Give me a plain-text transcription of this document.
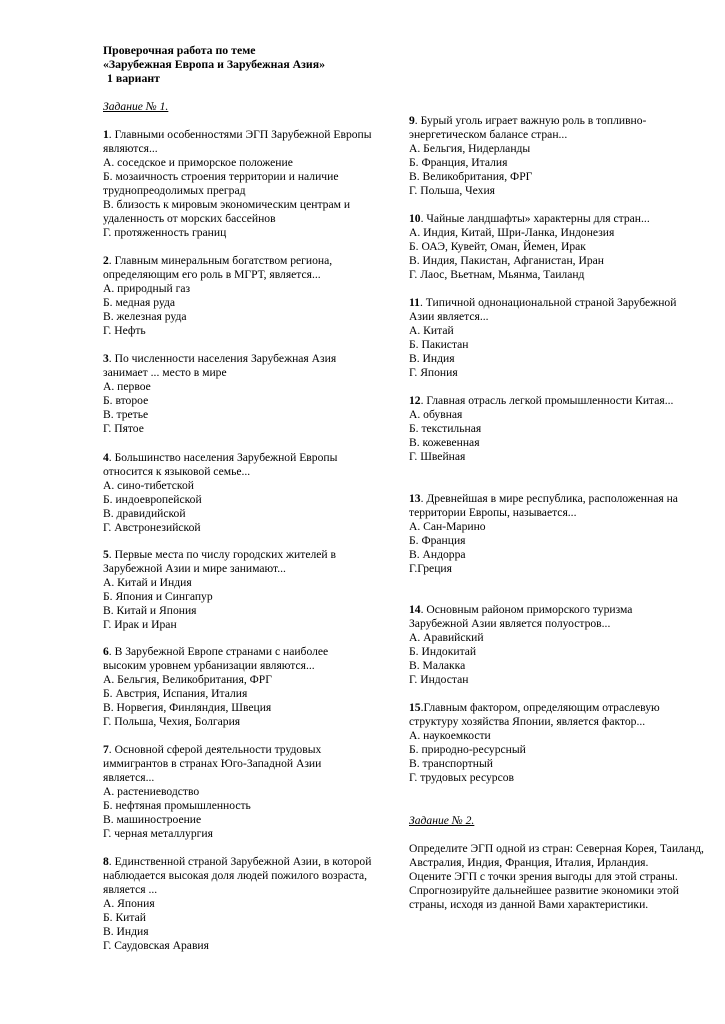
Проверочная работа по теме
«Зарубежная Европа и Зарубежная Азия»
1 вариант
Задание № 1.
1. Главными особенностями ЭГП Зарубежной Европы являются...
А. соседское и приморское положение
Б. мозаичность строения территории и наличие
труднопреодолимых преград
В. близость к мировым экономическим центрам и
удаленность от морских бассейнов
Г. протяженность границ
2. Главным минеральным богатством региона, определяющим его роль в МГРТ, является...
А. природный газ
Б. медная руда
В. железная руда
Г. Нефть
3. По численности населения Зарубежная Азия занимает ... место в мире
А. первое
Б. второе
В. третье
Г. Пятое
4. Большинство населения Зарубежной Европы относится к языковой семье...
А. сино-тибетской
Б. индоевропейской
В. дравидийской
Г. Австронезийской
5. Первые места по числу городских жителей в Зарубежной Азии и мире занимают...
А. Китай и Индия
Б. Япония и Сингапур
В. Китай и Япония
Г. Ирак и Иран
6. В Зарубежной Европе странами с наиболее высоким уровнем урбанизации являются...
А. Бельгия, Великобритания, ФРГ
Б. Австрия, Испания, Италия
В. Норвегия, Финляндия, Швеция
Г. Польша, Чехия, Болгария
7. Основной сферой деятельности трудовых иммигрантов в странах Юго-Западной Азии является...
А. растениеводство
Б. нефтяная промышленность
В. машиностроение
Г. черная металлургия
8. Единственной страной Зарубежной Азии, в которой наблюдается высокая доля людей пожилого возраста, является ...
А. Япония
Б. Китай
В. Индия
Г. Саудовская Аравия
9. Бурый уголь играет важную роль в топливно-энергетическом балансе стран...
А. Бельгия, Нидерланды
Б. Франция, Италия
В. Великобритания, ФРГ
Г. Польша, Чехия
10. Чайные ландшафты» характерны для стран...
А. Индия, Китай, Шри-Ланка, Индонезия
Б. ОАЭ, Кувейт, Оман, Йемен, Ирак
В. Индия, Пакистан, Афганистан, Иран
Г. Лаос, Вьетнам, Мьянма, Таиланд
11. Типичной однонациональной страной Зарубежной Азии является...
А. Китай
Б. Пакистан
В. Индия
Г. Япония
12. Главная отрасль легкой промышленности Китая...
А. обувная
Б. текстильная
В. кожевенная
Г. Швейная
13. Древнейшая в мире республика, расположенная на территории Европы, называется...
А. Сан-Марино
Б. Франция
В. Андорра
Г.Греция
14. Основным районом приморского туризма Зарубежной Азии является полуостров...
А. Аравийский
Б. Индокитай
В. Малакка
Г. Индостан
15.Главным фактором, определяющим отраслевую структуру хозяйства Японии, является фактор...
А. наукоемкости
Б. природно-ресурсный
В. транспортный
Г. трудовых ресурсов
Задание № 2.

Определите ЭГП одной из стран: Северная Корея, Таиланд, Австралия, Индия, Франция, Италия, Ирландия.

Оцените ЭГП с точки зрения выгоды для этой страны. Спрогнозируйте дальнейшее развитие экономики этой страны, исходя из данной Вами характеристики.
